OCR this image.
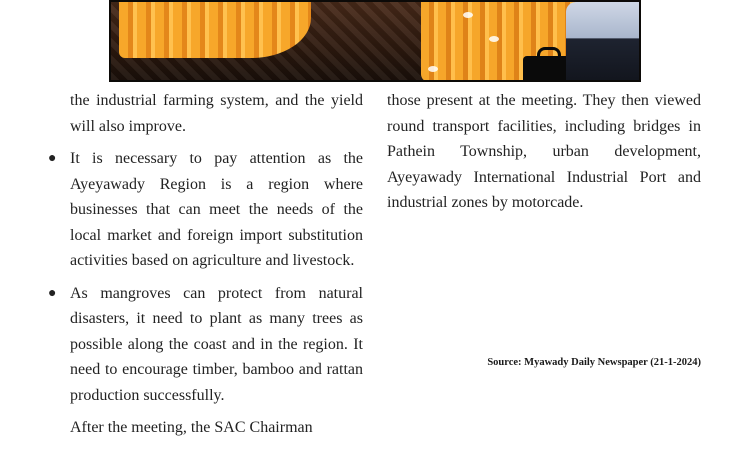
the industrial farming system, and the yield will also improve.

● It is necessary to pay attention as the Ayeyawady Region is a region where businesses that can meet the needs of the local market and foreign import substitution activities based on agriculture and livestock.
● As mangroves can protect from natural disasters, it need to plant as many trees as possible along the coast and in the region. It need to encourage timber, bamboo and rattan production successfully.

After the meeting, the SAC Chairman

those present at the meeting. They then viewed round transport facilities, including bridges in Pathein Township, urban development, Ayeyawady International Industrial Port and industrial zones by motorcade.

Source: Myawady Daily Newspaper (21-1-2024)
